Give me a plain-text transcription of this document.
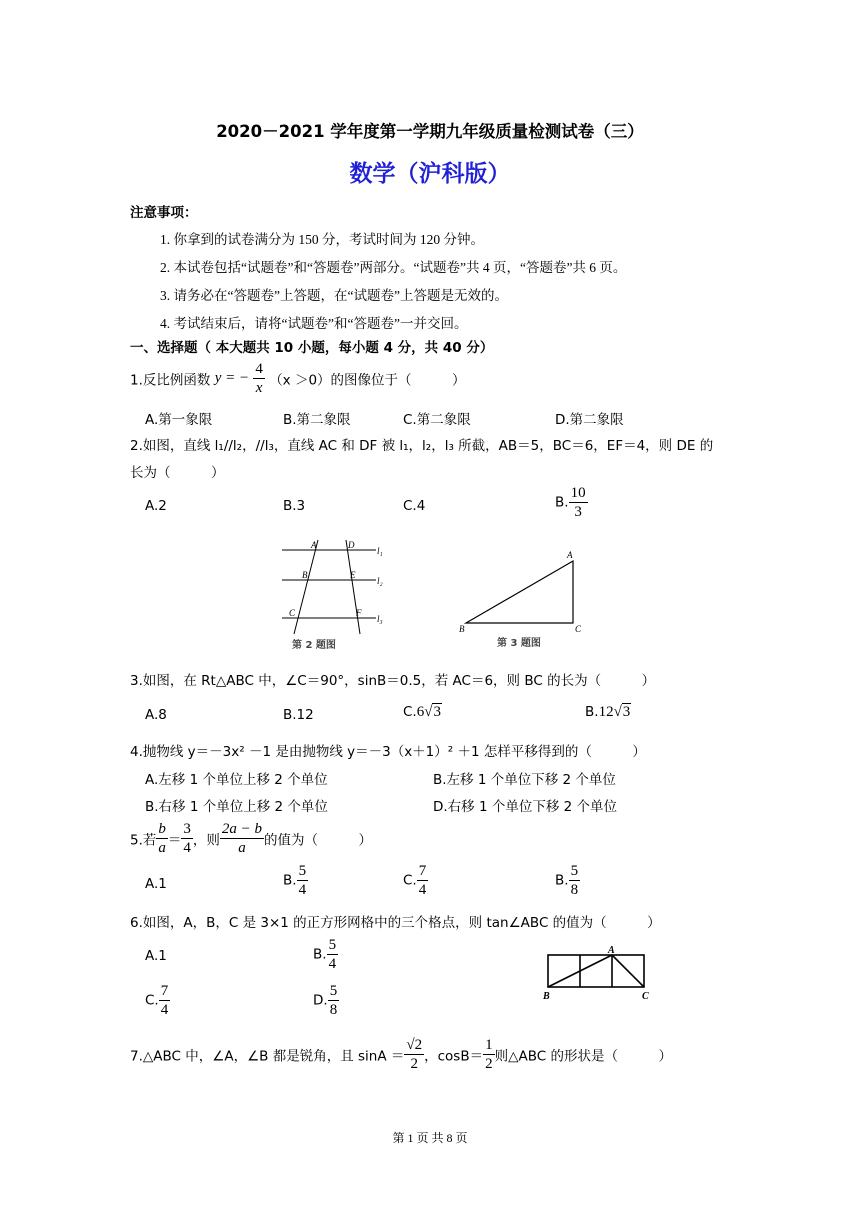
2020－2021 学年度第一学期九年级质量检测试卷（三）
数学（沪科版）
注意事项：
1. 你拿到的试卷满分为 150 分，考试时间为 120 分钟。
2. 本试卷包括“试题卷”和“答题卷”两部分。“试题卷”共 4 页，“答题卷”共 6 页。
3. 请务必在“答题卷”上答题，在“试题卷”上答题是无效的。
4. 考试结束后，请将“试题卷”和“答题卷”一并交回。
一、选择题（ 本大题共 10 小题，每小题 4 分，共 40 分）
1.反比例函数 y = − $\frac{4}{x} (x >0)$的图像位于（　　　）
A.第一象限	B.第二象限	C.第二象限	D.第二象限
2.如图，直线 l₁//l₂，//l₃，直线 AC 和 DF 被 l₁，l₂，l₃ 所截，AB＝5，BC＝6，EF＝4，则 DE 的
长为（　　　）
A.2	B.3	C.4	B. $\frac{10}{3}$
A	D
B	E
C	F
l₁
l₂
l₃
第 2 题图
A
B	C
第 3 题图
3.如图，在 Rt△ABC 中，∠C＝90°，sinB＝0.5，若 AC＝6，则 BC 的长为（　　　）
A.8	B.12	C.6√3	B.12√3
4.抛物线 y＝－3x² －1 是由抛物线 y＝－3（x＋1）² ＋1 怎样平移得到的（　　　）
A.左移 1 个单位上移 2 个单位	B.左移 1 个单位下移 2 个单位
B.右移 1 个单位上移 2 个单位	D.右移 1 个单位下移 2 个单位
5.若 $\frac{b}{a} = \frac{3}{4}$ ，则 $\frac{2a - b}{a}$ 的值为（　　　）
A.1	B. $\frac{5}{4}$	C. $\frac{7}{4}$	B. $\frac{5}{8}$
6.如图，A，B，C 是 3×1 的正方形网格中的三个格点，则 tan∠ABC 的值为（　　　）
A.1	B. $\frac{5}{4}$
C. $\frac{7}{4}$	D. $\frac{5}{8}$
A
B	C
7.△ABC 中，∠A，∠B 都是锐角，且 $\sin A = \frac{√2}{2}$ ，$\cos B= \frac{1}{2}$ 则△ABC 的形状是（　　　）
第 1 页 共 8 页
